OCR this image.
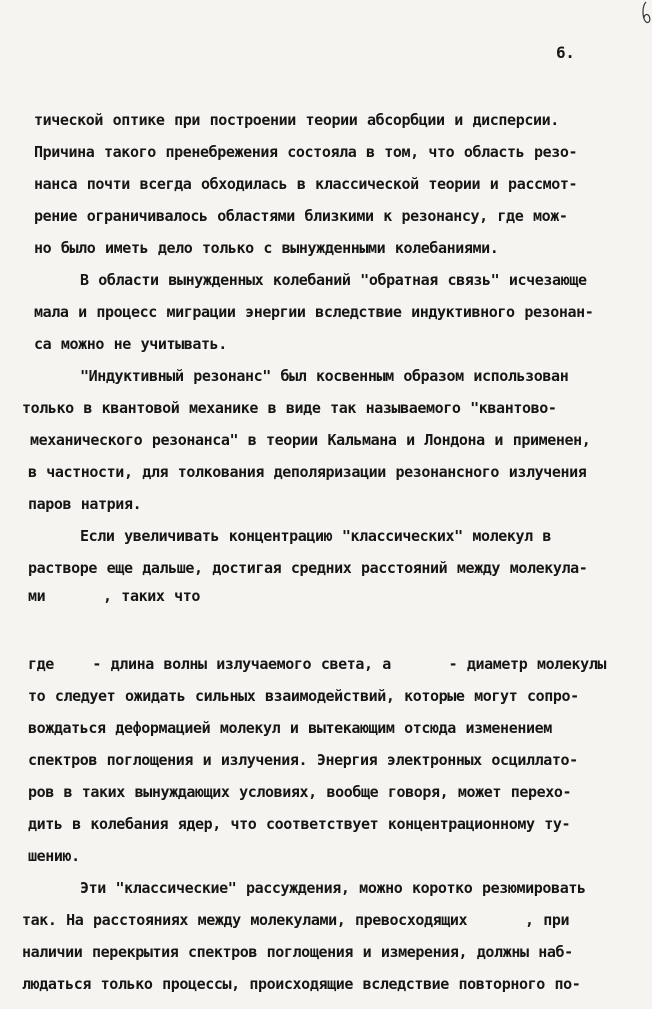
6.
тической оптике при построении теории абсорбции и дисперсии.
Причина такого пренебрежения состояла в том, что область резо-
нанса почти всегда обходилась в классической теории и рассмот-
рение ограничивалось областями близкими к резонансу, где мож-
но было иметь дело только с вынужденными колебаниями.
В области вынужденных колебаний "обратная связь" исчезающе
мала и процесс миграции энергии вследствие индуктивного резонан-
са можно не учитывать.
"Индуктивный резонанс" был косвенным образом использован
только в квантовой механике в виде так называемого "квантово-
механического резонанса" в теории Кальмана и Лондона и применен,
в частности, для толкования деполяризации резонансного излучения
паров натрия.
Если увеличивать концентрацию "классических" молекул в
растворе еще дальше, достигая средних расстояний между молекула-
ми      , таких что
где    - длина волны излучаемого света, а      - диаметр молекулы
то следует ожидать сильных взаимодействий, которые могут сопро-
вождаться деформацией молекул и вытекающим отсюда изменением
спектров поглощения и излучения. Энергия электронных осциллато-
ров в таких вынуждающих условиях, вообще говоря, может перехо-
дить в колебания ядер, что соответствует концентрационному ту-
шению.
Эти "классические" рассуждения, можно коротко резюмировать
так. На расстояниях между молекулами, превосходящих      , при
наличии перекрытия спектров поглощения и измерения, должны наб-
людаться только процессы, происходящие вследствие повторного по-
